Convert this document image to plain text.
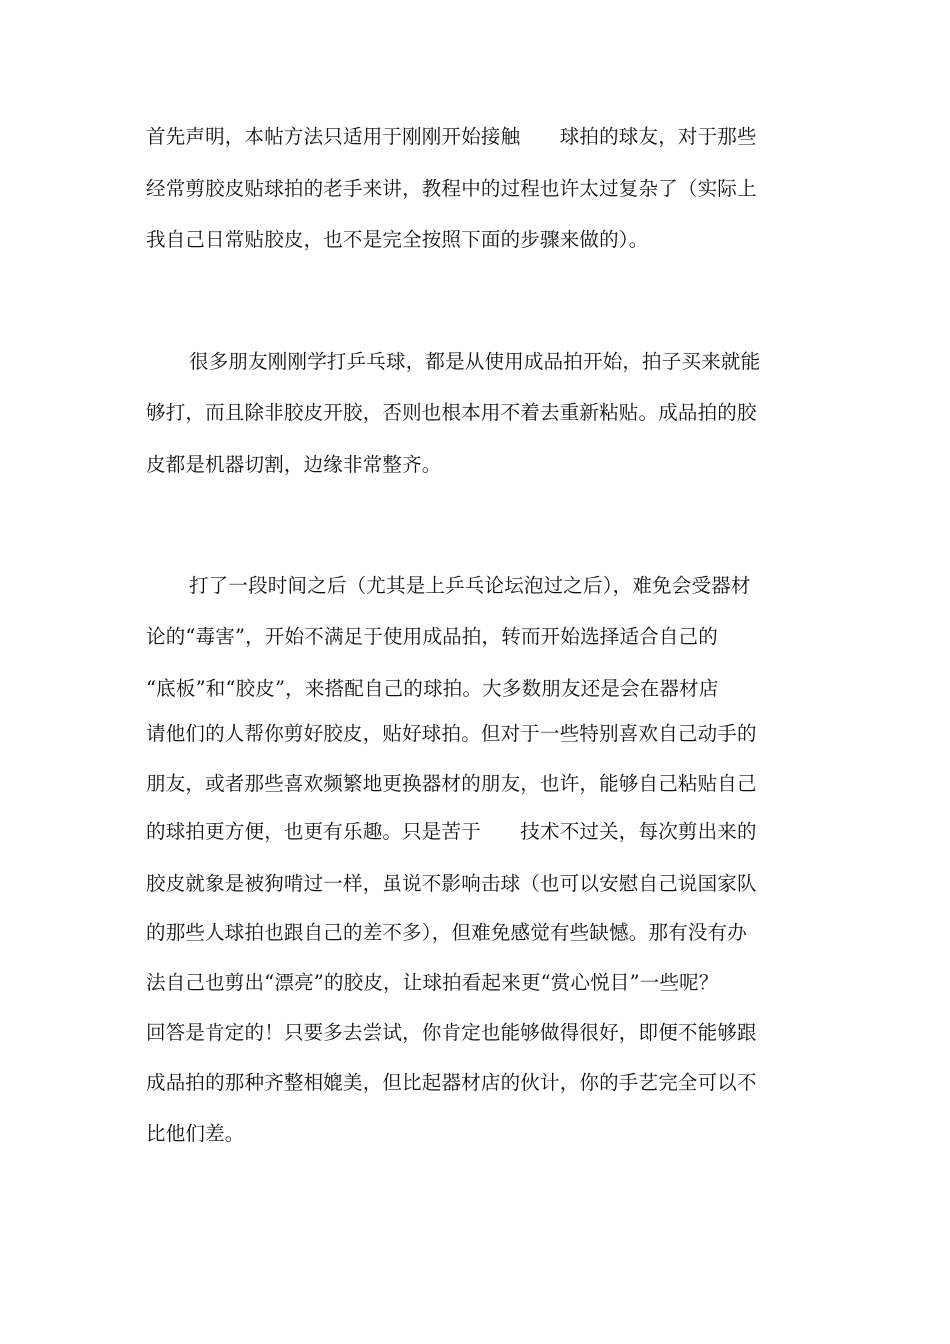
首先声明，本帖方法只适用于刚刚开始接触　　球拍的球友，对于那些
经常剪胶皮贴球拍的老手来讲，教程中的过程也许太过复杂了（实际上
我自己日常贴胶皮，也不是完全按照下面的步骤来做的）。
很多朋友刚刚学打乒乓球，都是从使用成品拍开始，拍子买来就能
够打，而且除非胶皮开胶，否则也根本用不着去重新粘贴。成品拍的胶
皮都是机器切割，边缘非常整齐。
打了一段时间之后（尤其是上乒乓论坛泡过之后），难免会受器材
论的“毒害”，开始不满足于使用成品拍，转而开始选择适合自己的
“底板”和“胶皮”，来搭配自己的球拍。大多数朋友还是会在器材店
请他们的人帮你剪好胶皮，贴好球拍。但对于一些特别喜欢自己动手的
朋友，或者那些喜欢频繁地更换器材的朋友，也许，能够自己粘贴自己
的球拍更方便，也更有乐趣。只是苦于　　技术不过关，每次剪出来的
胶皮就象是被狗啃过一样，虽说不影响击球（也可以安慰自己说国家队
的那些人球拍也跟自己的差不多），但难免感觉有些缺憾。那有没有办
法自己也剪出“漂亮”的胶皮，让球拍看起来更“赏心悦目”一些呢？
回答是肯定的！只要多去尝试，你肯定也能够做得很好，即便不能够跟
成品拍的那种齐整相媲美，但比起器材店的伙计，你的手艺完全可以不
比他们差。
